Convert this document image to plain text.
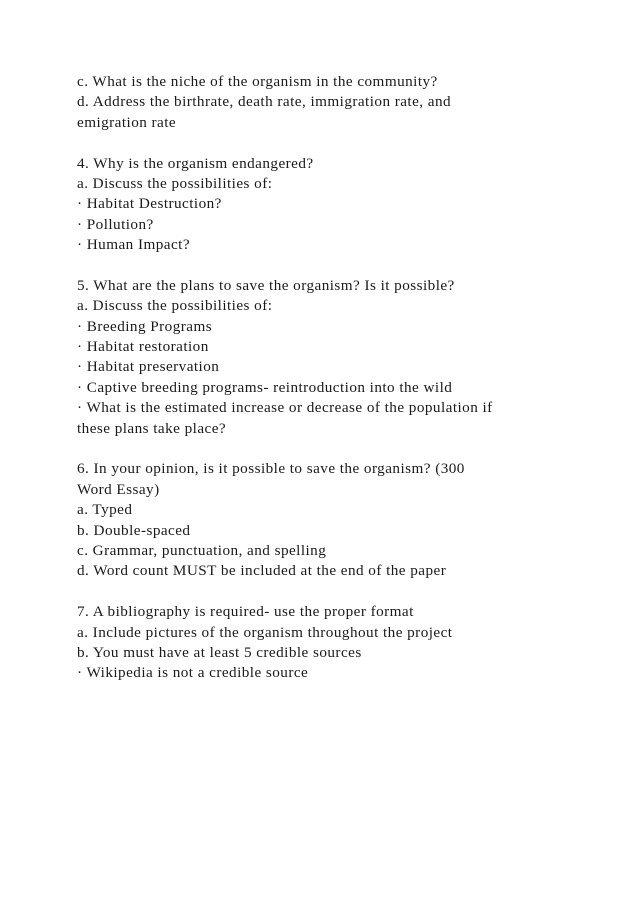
c. What is the niche of the organism in the community?
d. Address the birthrate, death rate, immigration rate, and
emigration rate
4. Why is the organism endangered?
a. Discuss the possibilities of:
· Habitat Destruction?
· Pollution?
· Human Impact?
5. What are the plans to save the organism? Is it possible?
a. Discuss the possibilities of:
· Breeding Programs
· Habitat restoration
· Habitat preservation
· Captive breeding programs- reintroduction into the wild
· What is the estimated increase or decrease of the population if
these plans take place?
6. In your opinion, is it possible to save the organism? (300
Word Essay)
a. Typed
b. Double-spaced
c. Grammar, punctuation, and spelling
d. Word count MUST be included at the end of the paper
7. A bibliography is required- use the proper format
a. Include pictures of the organism throughout the project
b. You must have at least 5 credible sources
· Wikipedia is not a credible source
